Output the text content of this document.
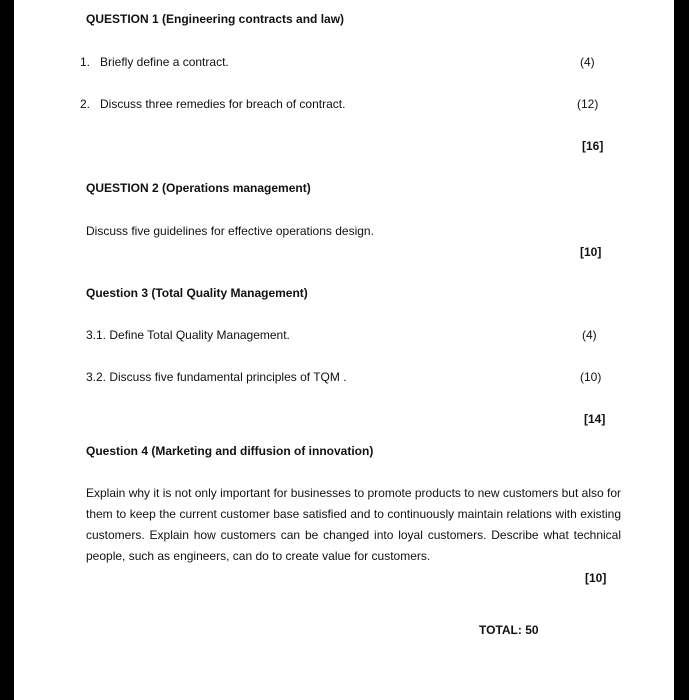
QUESTION 1 (Engineering contracts and law)
1. Briefly define a contract.	(4)
2. Discuss three remedies for breach of contract.	(12)
[16]
QUESTION 2 (Operations management)
Discuss five guidelines for effective operations design.
[10]
Question 3 (Total Quality Management)
3.1. Define Total Quality Management.	(4)
3.2. Discuss five fundamental principles of TQM .	(10)
[14]
Question 4 (Marketing and diffusion of innovation)
Explain why it is not only important for businesses to promote products to new customers but also for them to keep the current customer base satisfied and to continuously maintain relations with existing customers. Explain how customers can be changed into loyal customers. Describe what technical people, such as engineers, can do to create value for customers.
[10]
TOTAL: 50
